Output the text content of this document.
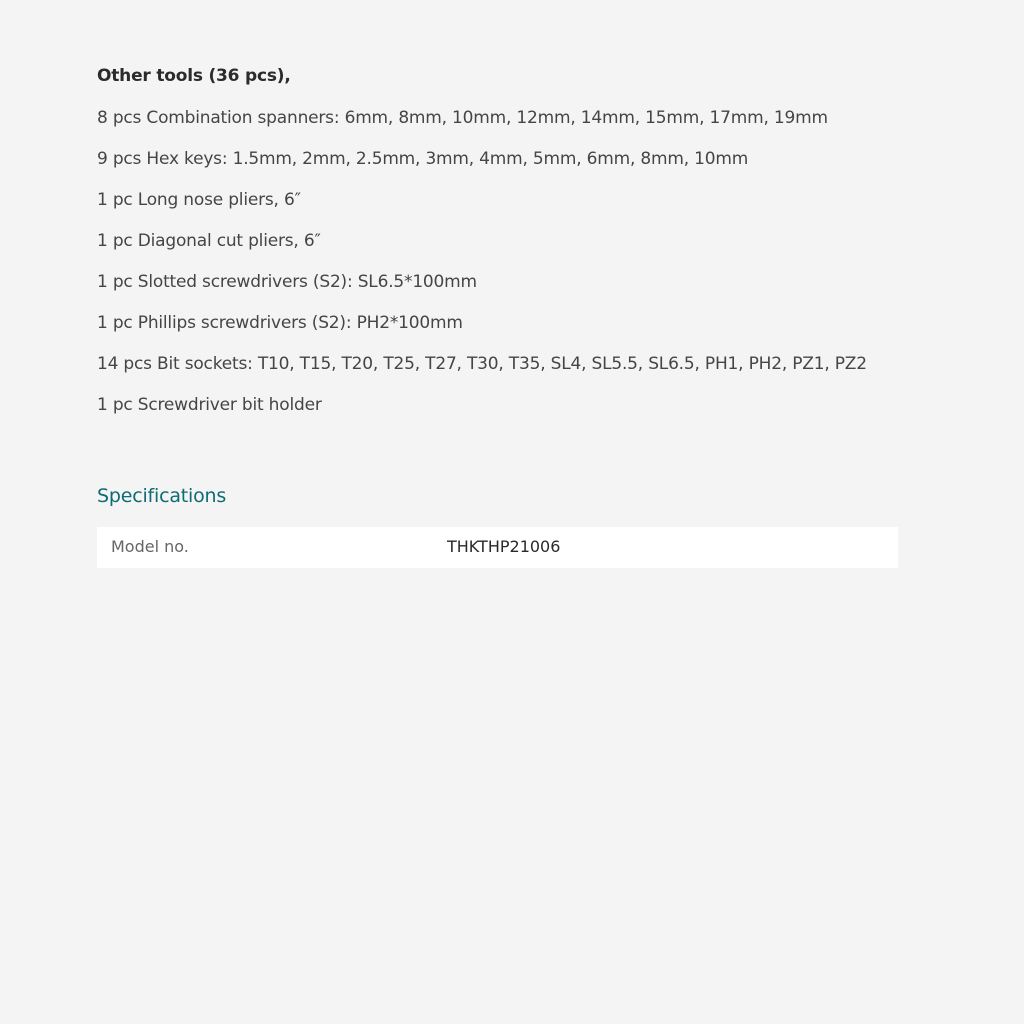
Other tools (36 pcs),
8 pcs Combination spanners: 6mm, 8mm, 10mm, 12mm, 14mm, 15mm, 17mm, 19mm
9 pcs Hex keys: 1.5mm, 2mm, 2.5mm, 3mm, 4mm, 5mm, 6mm, 8mm, 10mm
1 pc Long nose pliers, 6″
1 pc Diagonal cut pliers, 6″
1 pc Slotted screwdrivers (S2): SL6.5*100mm
1 pc Phillips screwdrivers (S2): PH2*100mm
14 pcs Bit sockets: T10, T15, T20, T25, T27, T30, T35, SL4, SL5.5, SL6.5, PH1, PH2, PZ1, PZ2
1 pc Screwdriver bit holder
Specifications
Model no.	THKTHP21006
